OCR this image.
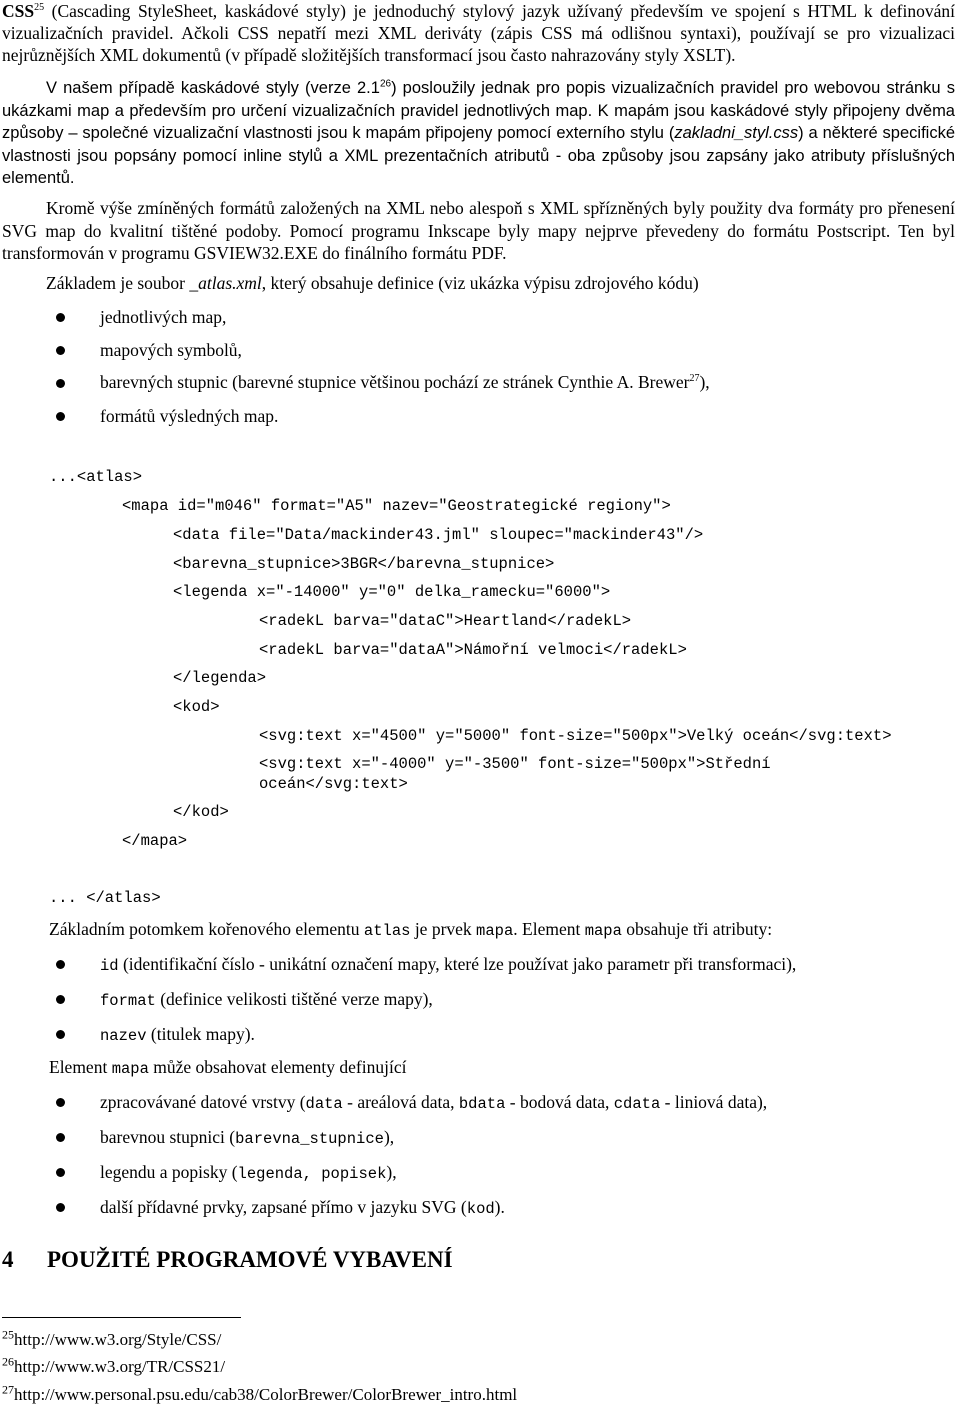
CSS$^{25}$ (Cascading StyleSheet, kaskádové styly) je jednoduchý stylový jazyk užívaný především ve spojení s HTML k definování vizualizačních pravidel. Ačkoli CSS nepatří mezi XML deriváty (zápis CSS má odlišnou syntaxi), používají se pro vizualizaci nejrůznějších XML dokumentů (v případě složitějších transformací jsou často nahrazovány styly XSLT).
V našem případě kaskádové styly (verze $2.1^{26}$) posloužily jednak pro popis vizualizačních pravidel pro webovou stránku s ukázkami map a především pro určení vizualizačních pravidel jednotlivých map. K mapám jsou kaskádové styly připojeny dvěma způsoby – společné vizualizační vlastnosti jsou k mapám připojeny pomocí externího stylu (zakladni_styl.css) a některé specifické vlastnosti jsou popsány pomocí inline stylů a XML prezentačních atributů - oba způsoby jsou zapsány jako atributy příslušných elementů.
Kromě výše zmíněných formátů založených na XML nebo alespoň s XML spřízněných byly použity dva formáty pro přenesení SVG map do kvalitní tištěné podoby. Pomocí programu Inkscape byly mapy nejprve převedeny do formátu Postscript. Ten byl transformován v programu GSVIEW32.EXE do finálního formátu PDF.
Základem je soubor _atlas.xml, který obsahuje definice (viz ukázka výpisu zdrojového kódu)
jednotlivých map,
mapových symbolů,
barevných stupnic (barevné stupnice většinou pochází ze stránek Cynthie A. Brewer$^{27}$),
formátů výsledných map.
...<atlas>
<mapa id="m046" format="A5" nazev="Geostrategické regiony">
<data file="Data/mackinder43.jml" sloupec="mackinder43"/>
<barevna_stupnice>3BGR</barevna_stupnice>
<legenda x="-14000" y="0" delka_ramecku="6000">
<radekL barva="dataC">Heartland</radekL>
<radekL barva="dataA">Námořní velmoci</radekL>
</legenda>
<kod>
<svg:text x="4500" y="5000" font-size="500px">Velký oceán</svg:text>
<svg:text x="-4000" y="-3500" font-size="500px">Střední
oceán</svg:text>
</kod>
</mapa>
... </atlas>
Základním potomkem kořenového elementu atlas je prvek mapa. Element mapa obsahuje tři atributy:
id (identifikační číslo - unikátní označení mapy, které lze používat jako parametr při transformaci),
format (definice velikosti tištěné verze mapy),
nazev (titulek mapy).
Element mapa může obsahovat elementy definující
zpracovávané datové vrstvy (data - areálová data, bdata - bodová data, cdata - liniová data),
barevnou stupnici (barevna_stupnice),
legendu a popisky (legenda, popisek),
další přídavné prvky, zapsané přímo v jazyku SVG (kod).
4 POUŽITÉ PROGRAMOVÉ VYBAVENÍ
$^{25}$http://www.w3.org/Style/CSS/
$^{26}$http://www.w3.org/TR/CSS21/
$^{27}$http://www.personal.psu.edu/cab38/ColorBrewer/ColorBrewer_intro.html
